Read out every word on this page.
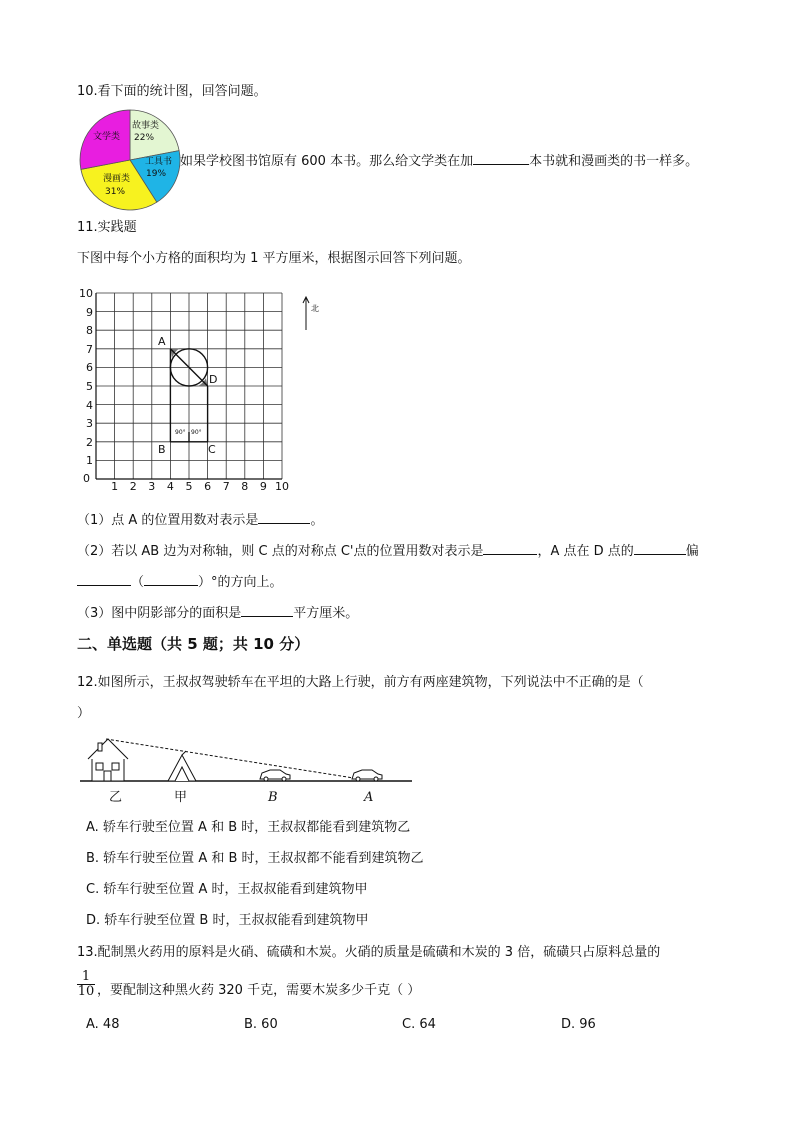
10.看下面的统计图，回答问题。
文学类
故事类
22%
工具书
19%
漫画类
31%
如果学校图书馆原有 600 本书。那么给文学类在加	本书就和漫画类的书一样多。
11.实践题
下图中每个小方格的面积均为 1 平方厘米，根据图示回答下列问题。
A
D
B	C
90° 90°
10
9
8
7
6
5
4
3
2
1
0
1 2 3 4 5 6 7 8 9 10
北
（1）点 A 的位置用数对表示是	。
（2）若以 AB 边为对称轴，则 C 点的对称点 C'点的位置用数对表示是	，A 点在 D 点的	偏
（	）°的方向上。
（3）图中阴影部分的面积是	平方厘米。
二、单选题（共 5 题；共 10 分）
12.如图所示，王叔叔驾驶轿车在平坦的大路上行驶，前方有两座建筑物，下列说法中不正确的是（
）
乙	甲	B	A
A. 轿车行驶至位置 A 和 B 时，王叔叔都能看到建筑物乙
B. 轿车行驶至位置 A 和 B 时，王叔叔都不能看到建筑物乙
C. 轿车行驶至位置 A 时，王叔叔能看到建筑物甲
D. 轿车行驶至位置 B 时，王叔叔能看到建筑物甲
13.配制黑火药用的原料是火硝、硫磺和木炭。火硝的质量是硫磺和木炭的 3 倍，硫磺只占原料总量的
$\frac{1}{10}$ ，要配制这种黑火药 320 千克，需要木炭多少千克（ ）
A. 48	B. 60	C. 64	D. 96
